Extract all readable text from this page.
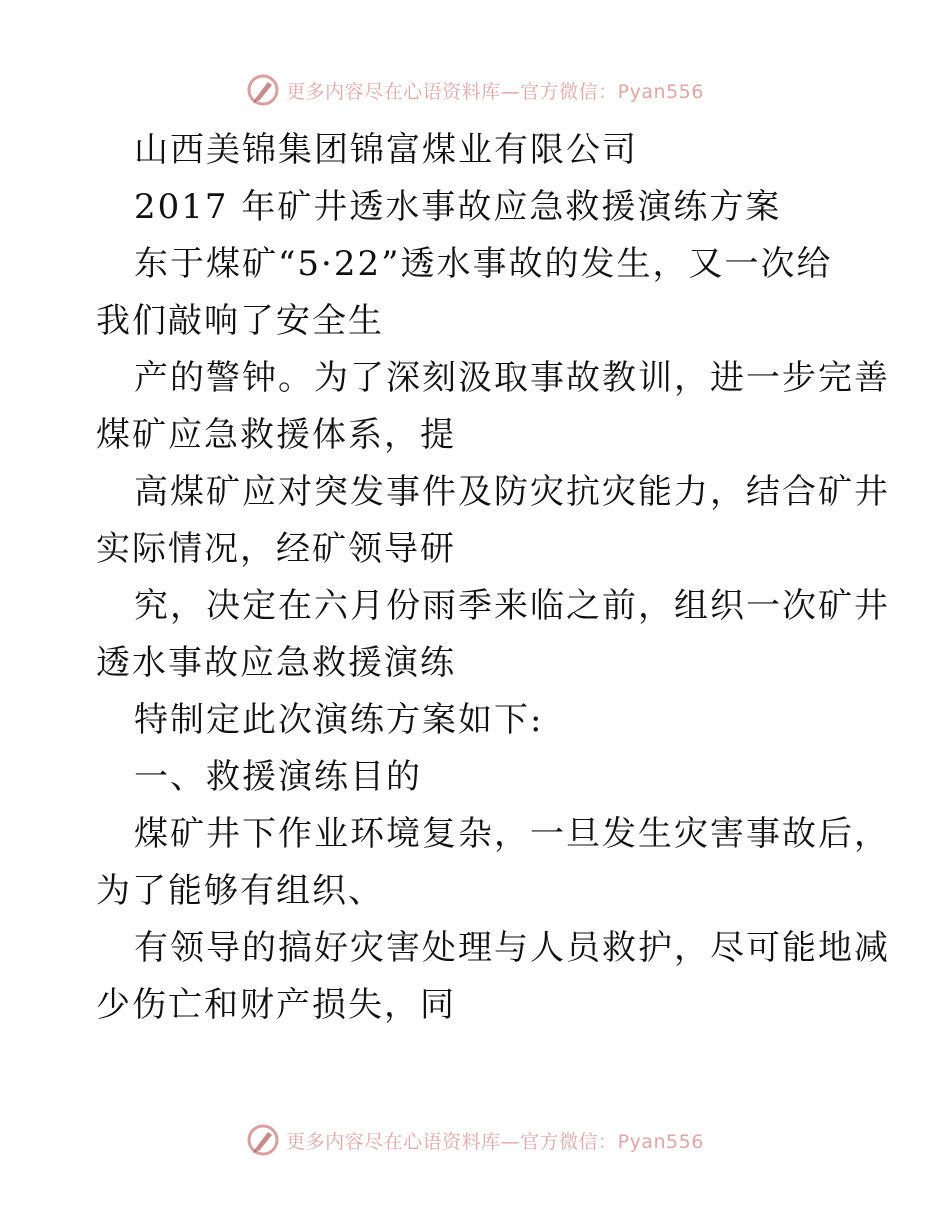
更多内容尽在心语资料库—官方微信：Pyan556
山西美锦集团锦富煤业有限公司
2017 年矿井透水事故应急救援演练方案
东于煤矿“5·22”透水事故的发生，又一次给
我们敲响了安全生
产的警钟。为了深刻汲取事故教训，进一步完善
煤矿应急救援体系，提
高煤矿应对突发事件及防灾抗灾能力，结合矿井
实际情况，经矿领导研
究，决定在六月份雨季来临之前，组织一次矿井
透水事故应急救援演练
特制定此次演练方案如下:
一、救援演练目的
煤矿井下作业环境复杂，一旦发生灾害事故后，
为了能够有组织、
有领导的搞好灾害处理与人员救护，尽可能地减
少伤亡和财产损失，同
更多内容尽在心语资料库—官方微信：Pyan556
